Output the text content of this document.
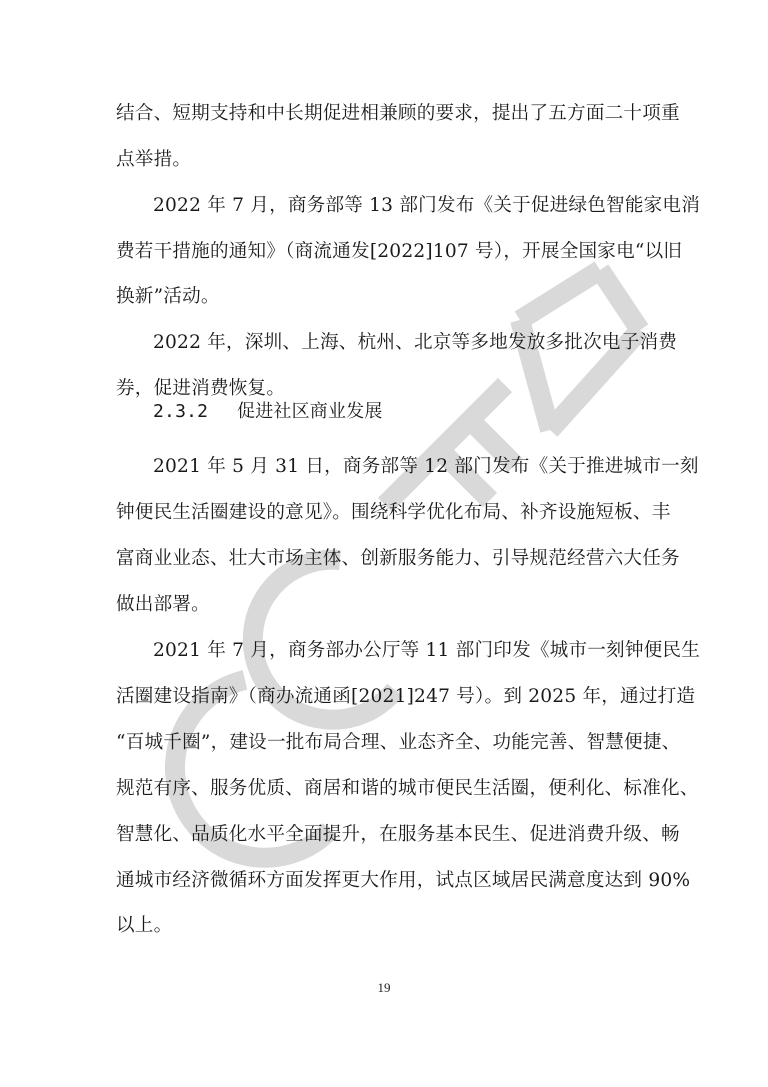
结合、短期支持和中长期促进相兼顾的要求，提出了五方面二十项重
点举措。
2022 年 7 月，商务部等 13 部门发布《关于促进绿色智能家电消
费若干措施的通知》（商流通发[2022]107 号），开展全国家电“以旧
换新”活动。
2022 年，深圳、上海、杭州、北京等多地发放多批次电子消费
券，促进消费恢复。
2.3.2 促进社区商业发展
2021 年 5 月 31 日，商务部等 12 部门发布《关于推进城市一刻
钟便民生活圈建设的意见》。围绕科学优化布局、补齐设施短板、丰
富商业业态、壮大市场主体、创新服务能力、引导规范经营六大任务
做出部署。
2021 年 7 月，商务部办公厅等 11 部门印发《城市一刻钟便民生
活圈建设指南》（商办流通函[2021]247 号）。到 2025 年，通过打造
“百城千圈”，建设一批布局合理、业态齐全、功能完善、智慧便捷、
规范有序、服务优质、商居和谐的城市便民生活圈，便利化、标准化、
智慧化、品质化水平全面提升，在服务基本民生、促进消费升级、畅
通城市经济微循环方面发挥更大作用，试点区域居民满意度达到 90%
以上。
19
